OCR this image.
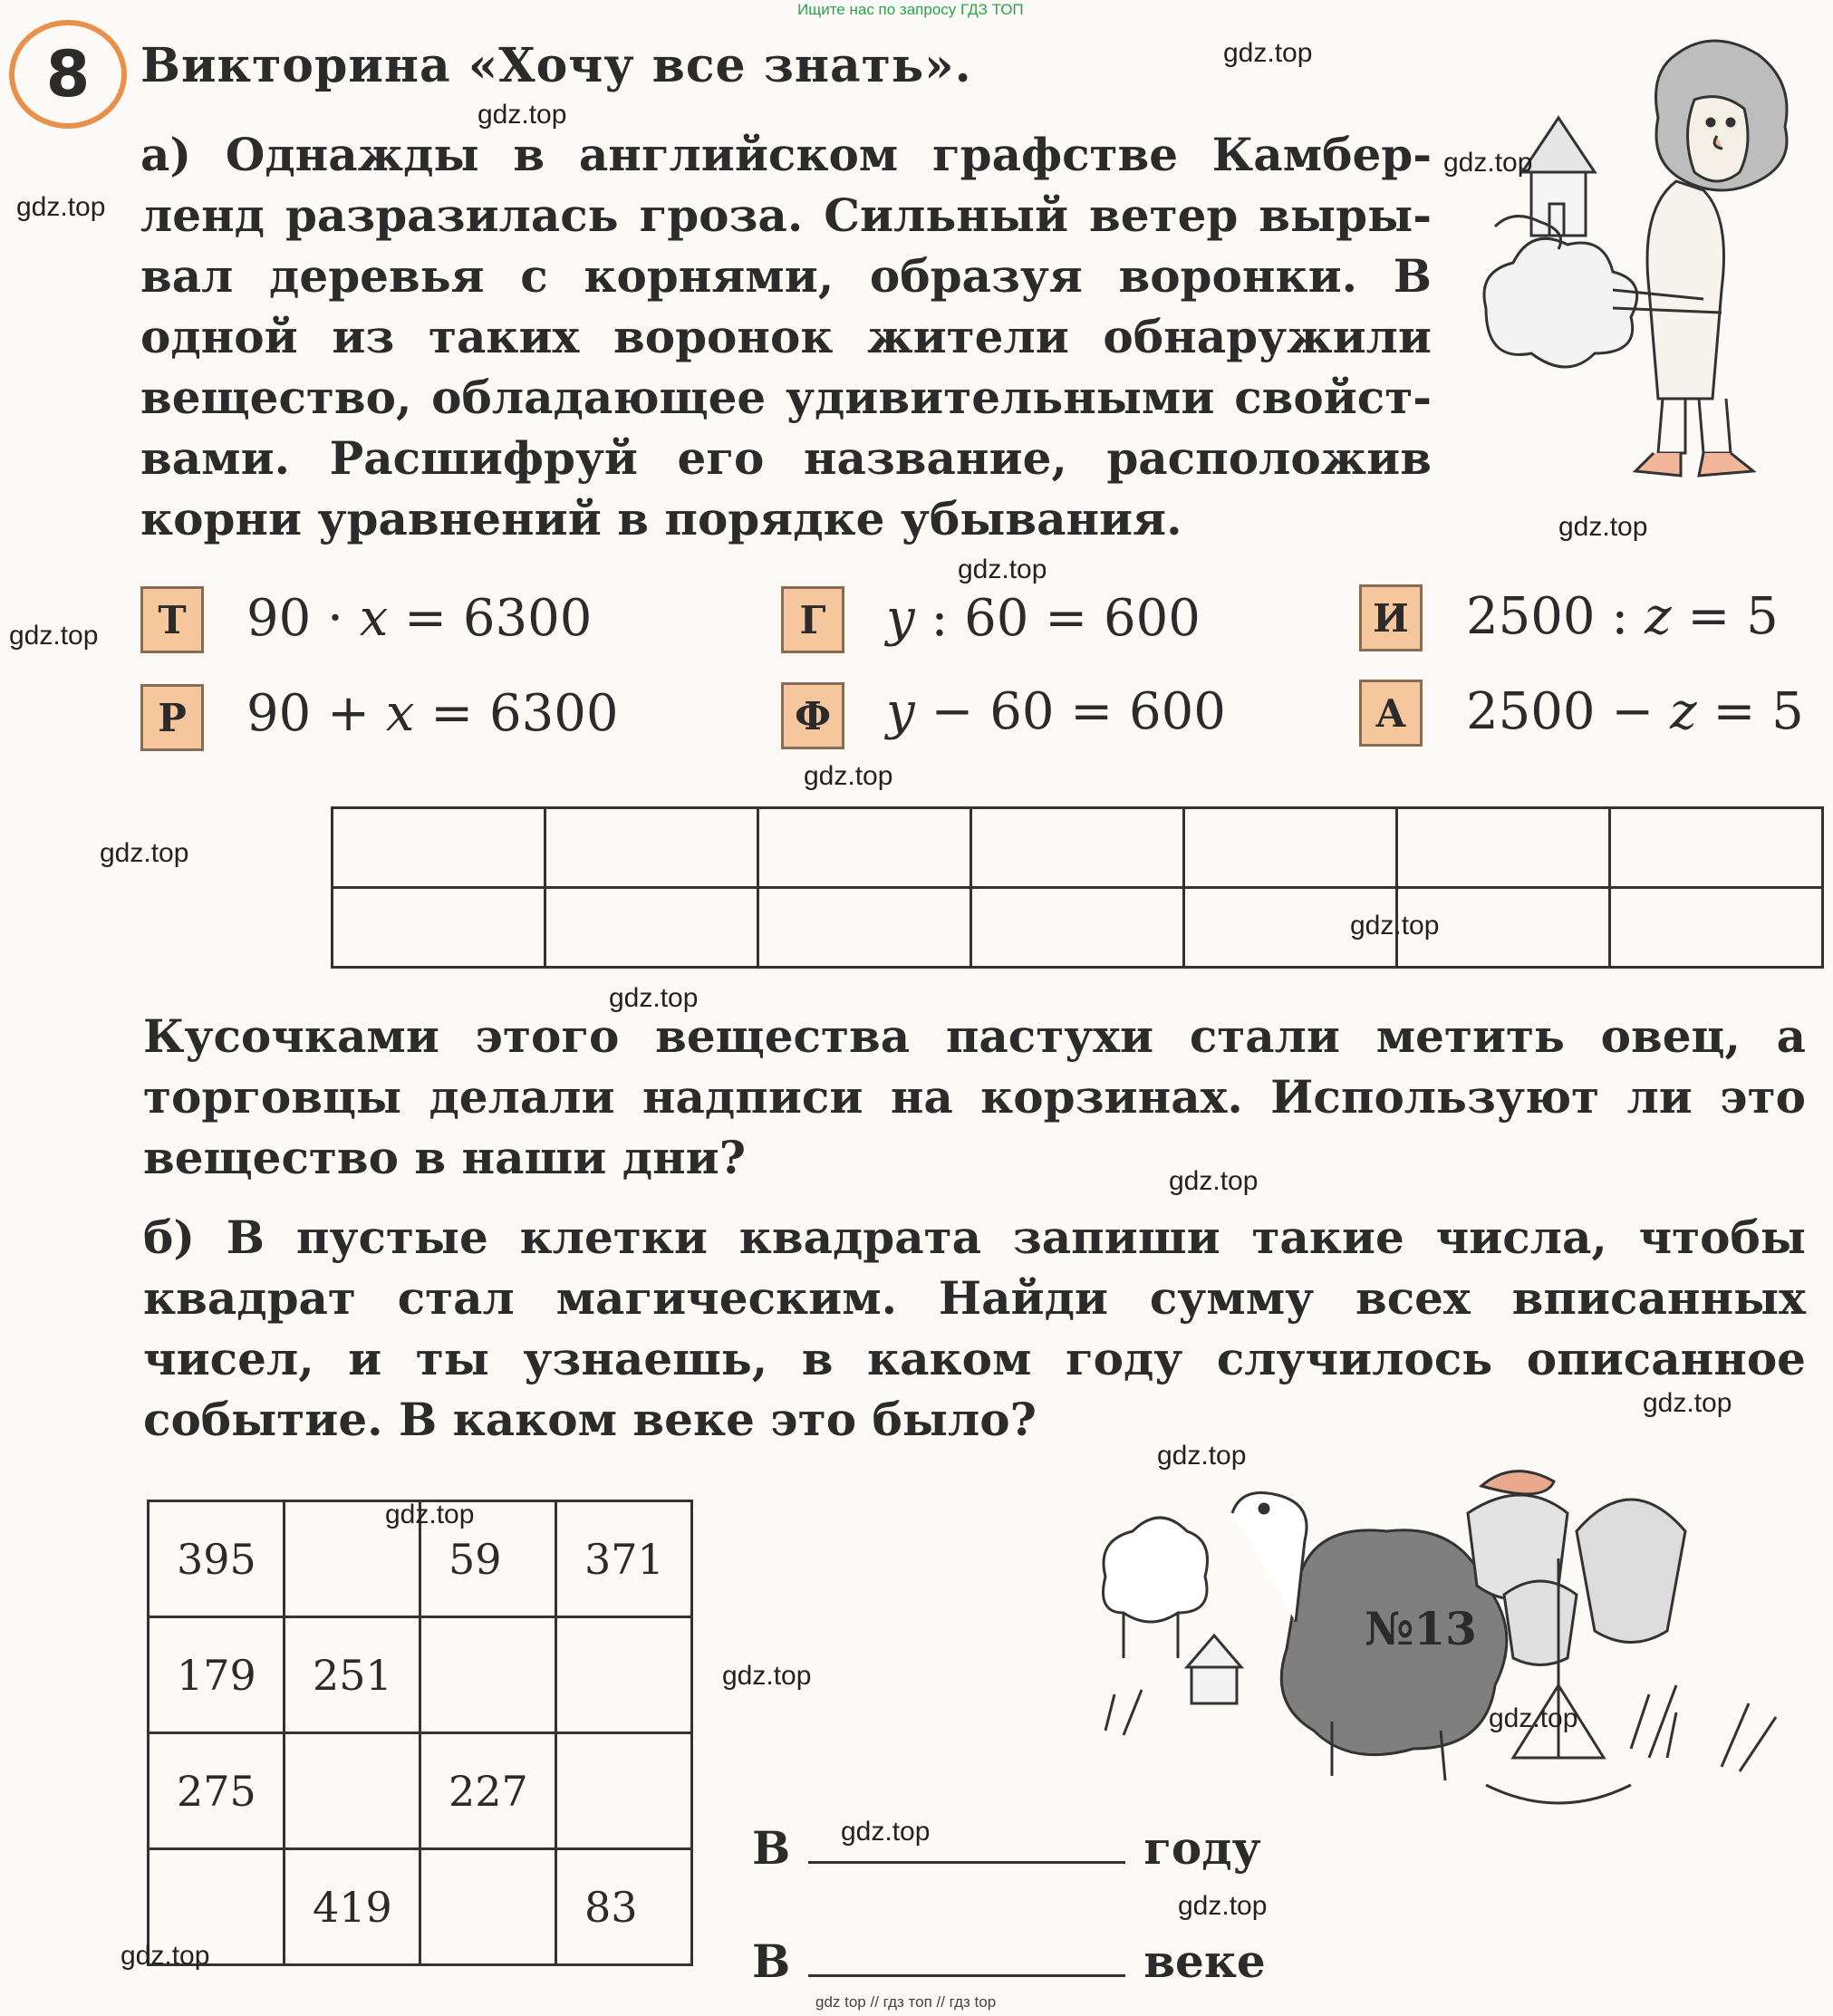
Ищите нас по запросу ГДЗ ТОП
8	Викторина «Хочу все знать».
а) Однажды в английском графстве Камбер-
ленд разразилась гроза. Сильный ветер выры-
вал деревья с корнями, образуя воронки. В
одной из таких воронок жители обнаружили
вещество, обладающее удивительными свойст-
вами. Расшифруй его название, расположив
корни уравнений в порядке убывания.
Т	90 · x = 6300	Г	y : 60 = 600	И 2500 : z = 5
Р	90 + x = 6300	Ф y − 60 = 600	А	2500 − z = 5

Кусочками этого вещества пастухи стали метить овец, а
торговцы делали надписи на корзинах. Используют ли это
вещество в наши дни?
б) В пустые клетки квадрата запиши такие числа, чтобы
квадрат стал магическим. Найди сумму всех вписанных
чисел, и ты узнаешь, в каком году случилось описанное
событие. В каком веке это было?
395		59	371
179	251		
275		227	
	419		83
В	году
В	веке
№13
gdz.top
gdz.top
gdz.top
gdz.top
gdz.top
gdz.top
gdz.top
gdz.top
gdz.top
gdz.top
gdz.top
gdz.top
gdz.top
gdz.top
gdz.top
gdz.top
gdz.top
gdz.top
gdz.top
gdz.top
gdz top // гдз топ // гдз top
